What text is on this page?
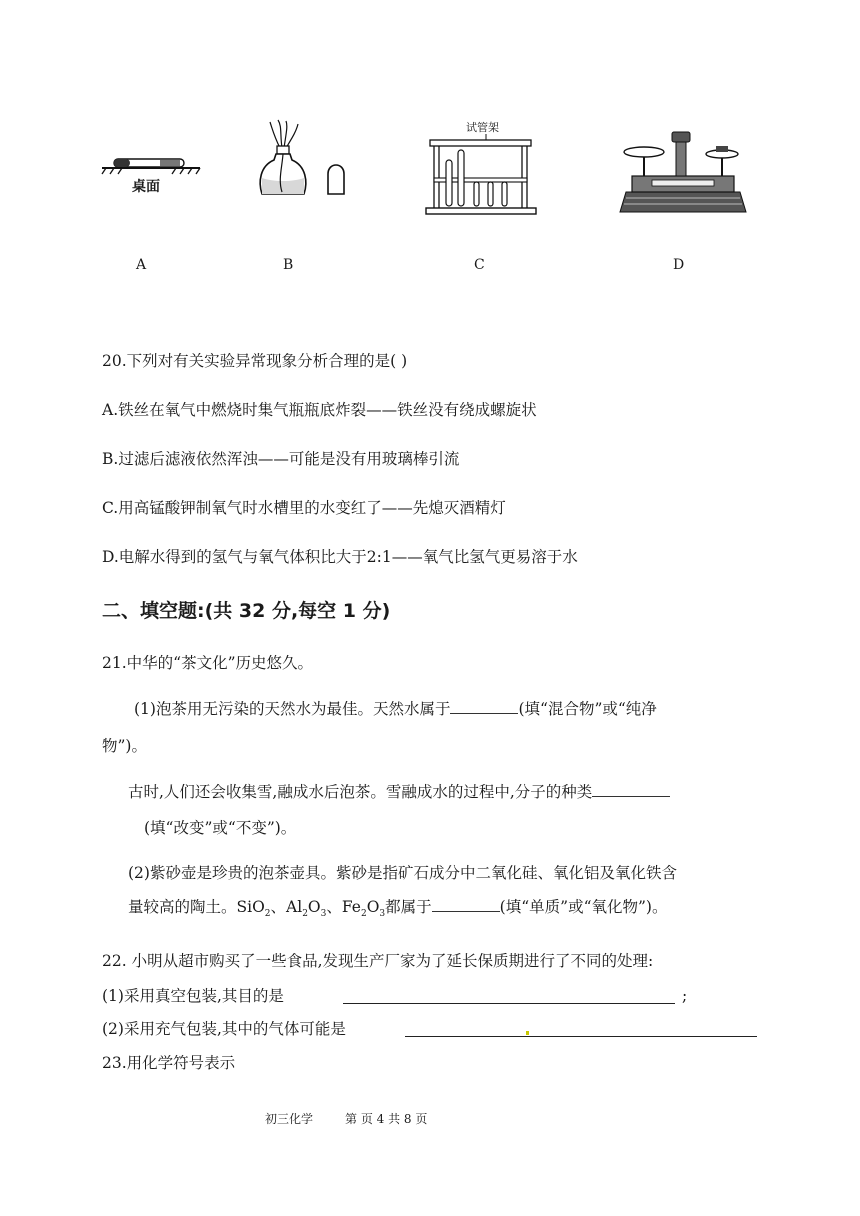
桌面
试管架
A	B	C	D
20.下列对有关实验异常现象分析合理的是( )
A.铁丝在氧气中燃烧时集气瓶瓶底炸裂——铁丝没有绕成螺旋状
B.过滤后滤液依然浑浊——可能是没有用玻璃棒引流
C.用高锰酸钾制氧气时水槽里的水变红了——先熄灭酒精灯
D.电解水得到的氢气与氧气体积比大于2:1——氧气比氢气更易溶于水
二、填空题:(共 32 分,每空 1 分)
21.中华的“茶文化”历史悠久。
(1)泡茶用无污染的天然水为最佳。天然水属于	(填“混合物”或“纯净
物”)。
古时,人们还会收集雪,融成水后泡茶。雪融成水的过程中,分子的种类
(填“改变”或“不变”)。
(2)紫砂壶是珍贵的泡茶壶具。紫砂是指矿石成分中二氧化硅、氧化铝及氧化铁含
量较高的陶土。SiO$_2$、$Al_2O_3$、$Fe_2O_3$都属于	(填“单质”或“氧化物”)。
22. 小明从超市购买了一些食品,发现生产厂家为了延长保质期进行了不同的处理:
(1)采用真空包装,其目的是	;
(2)采用充气包装,其中的气体可能是
23.用化学符号表示
初三化学	第 页 4 共 8 页
